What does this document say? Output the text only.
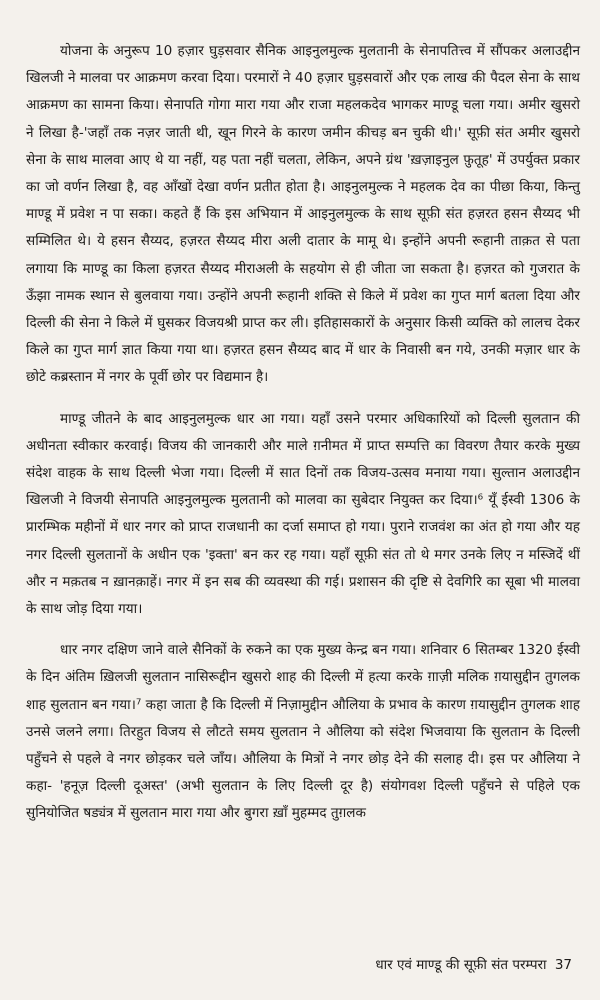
योजना के अनुरूप 10 हज़ार घुड़सवार सैनिक आइनुलमुल्क मुलतानी के सेनापतित्त्व में सौंपकर अलाउद्दीन खिलजी ने मालवा पर आक्रमण करवा दिया। परमारों ने 40 हज़ार घुड़सवारों और एक लाख की पैदल सेना के साथ आक्रमण का सामना किया। सेनापति गोगा मारा गया और राजा महलकदेव भागकर माण्डू चला गया। अमीर खुसरो ने लिखा है-'जहाँ तक नज़र जाती थी, खून गिरने के कारण जमीन कीचड़ बन चुकी थी।' सूफ़ी संत अमीर खुसरो सेना के साथ मालवा आए थे या नहीं, यह पता नहीं चलता, लेकिन, अपने ग्रंथ 'ख़ज़ाइनुल फ़ुतूह' में उपर्युक्त प्रकार का जो वर्णन लिखा है, वह आँखों देखा वर्णन प्रतीत होता है। आइनुलमुल्क ने महलक देव का पीछा किया, किन्तु माण्डू में प्रवेश न पा सका। कहते हैं कि इस अभियान में आइनुलमुल्क के साथ सूफ़ी संत हज़रत हसन सैय्यद भी सम्मिलित थे। ये हसन सैय्यद, हज़रत सैय्यद मीरा अली दातार के मामू थे। इन्होंने अपनी रूहानी ताक़त से पता लगाया कि माण्डू का किला हज़रत सैय्यद मीराअली के सहयोग से ही जीता जा सकता है। हज़रत को गुजरात के ऊँझा नामक स्थान से बुलवाया गया। उन्होंने अपनी रूहानी शक्ति से किले में प्रवेश का गुप्त मार्ग बतला दिया और दिल्ली की सेना ने किले में घुसकर विजयश्री प्राप्त कर ली। इतिहासकारों के अनुसार किसी व्यक्ति को लालच देकर किले का गुप्त मार्ग ज्ञात किया गया था। हज़रत हसन सैय्यद बाद में धार के निवासी बन गये, उनकी मज़ार धार के छोटे कब्रस्तान में नगर के पूर्वी छोर पर विद्यमान है।

माण्डू जीतने के बाद आइनुलमुल्क धार आ गया। यहाँ उसने परमार अधिकारियों को दिल्ली सुलतान की अधीनता स्वीकार करवाई। विजय की जानकारी और माले ग़नीमत में प्राप्त सम्पत्ति का विवरण तैयार करके मुख्य संदेश वाहक के साथ दिल्ली भेजा गया। दिल्ली में सात दिनों तक विजय-उत्सव मनाया गया। सुल्तान अलाउद्दीन खिलजी ने विजयी सेनापति आइनुलमुल्क मुलतानी को मालवा का सुबेदार नियुक्त कर दिया।⁶ यूँ ईस्वी 1306 के प्रारम्भिक महीनों में धार नगर को प्राप्त राजधानी का दर्जा समाप्त हो गया। पुराने राजवंश का अंत हो गया और यह नगर दिल्ली सुलतानों के अधीन एक 'इक्ता' बन कर रह गया। यहाँ सूफ़ी संत तो थे मगर उनके लिए न मस्जिदें थीं और न मक़तब न ख़ानक़ाहें। नगर में इन सब की व्यवस्था की गई। प्रशासन की दृष्टि से देवगिरि का सूबा भी मालवा के साथ जोड़ दिया गया।

धार नगर दक्षिण जाने वाले सैनिकों के रुकने का एक मुख्य केन्द्र बन गया। शनिवार 6 सितम्बर 1320 ईस्वी के दिन अंतिम ख़िलजी सुलतान नासिरूद्दीन खुसरो शाह की दिल्ली में हत्या करके ग़ाज़ी मलिक ग़यासुद्दीन तुगलक शाह सुलतान बन गया।⁷ कहा जाता है कि दिल्ली में निज़ामुद्दीन औलिया के प्रभाव के कारण ग़यासुद्दीन तुगलक शाह उनसे जलने लगा। तिरहुत विजय से लौटते समय सुलतान ने औलिया को संदेश भिजवाया कि सुलतान के दिल्ली पहुँचने से पहले वे नगर छोड़कर चले जाँय। औलिया के मित्रों ने नगर छोड़ देने की सलाह दी। इस पर औलिया ने कहा- 'हनूज़ दिल्ली दूअस्त' (अभी सुलतान के लिए दिल्ली दूर है) संयोगवश दिल्ली पहुँचने से पहिले एक सुनियोजित षड्यंत्र में सुलतान मारा गया और बुगरा ख़ाँ मुहम्मद तुग़लक

धार एवं माण्डू की सूफ़ी संत परम्परा 37
